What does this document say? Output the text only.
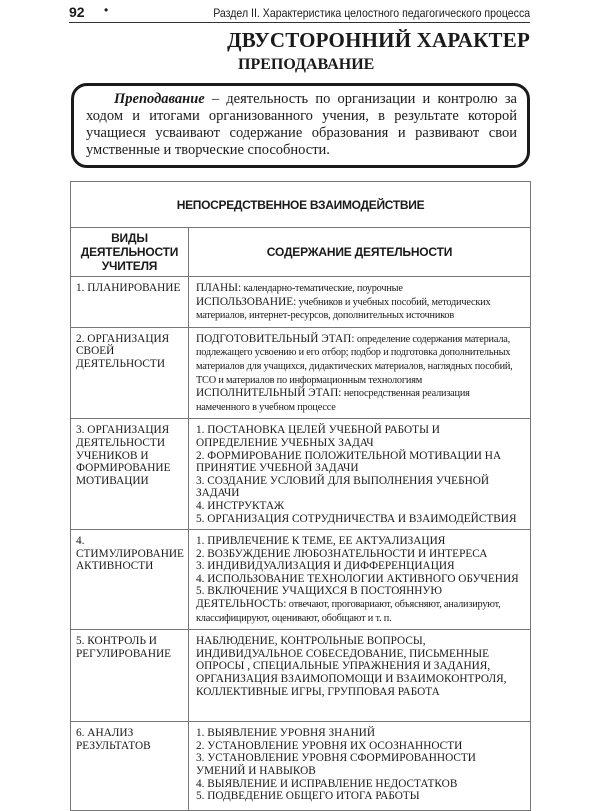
92 •	Раздел II. Характеристика целостного педагогического процесса
ДВУСТОРОННИЙ ХАРАКТЕР
ПРЕПОДАВАНИЕ
Преподавание – деятельность по организации и контролю за ходом и итогами организованного учения, в результате которой учащиеся усваивают содержание образования и развивают свои умственные и творческие способности.
НЕПОСРЕДСТВЕННОЕ ВЗАИМОДЕЙСТВИЕ	
ВИДЫ ДЕЯТЕЛЬНОСТИ УЧИТЕЛЯ	СОДЕРЖАНИЕ ДЕЯТЕЛЬНОСТИ
1. ПЛАНИРОВАНИЕ	ПЛАНЫ: календарно-тематические, поурочные
ИСПОЛЬЗОВАНИЕ: учебников и учебных пособий, методических материалов, интернет-ресурсов, дополнительных источников

2. ОРГАНИЗАЦИЯ СВОЕЙ ДЕЯТЕЛЬНОСТИ	ПОДГОТОВИТЕЛЬНЫЙ ЭТАП: определение содержания материала, подлежащего усвоению и его отбор; подбор и подготовка дополнительных материалов для учащихся, дидактических материалов, наглядных пособий, ТСО и материалов по информационным технологиям
ИСПОЛНИТЕЛЬНЫЙ ЭТАП: непосредственная реализация намеченного в учебном процессе

3. ОРГАНИЗАЦИЯ ДЕЯТЕЛЬНОСТИ УЧЕНИКОВ И ФОРМИРОВАНИЕ МОТИВАЦИИ	1. ПОСТАНОВКА ЦЕЛЕЙ УЧЕБНОЙ РАБОТЫ И ОПРЕДЕЛЕНИЕ УЧЕБНЫХ ЗАДАЧ
2. ФОРМИРОВАНИЕ ПОЛОЖИТЕЛЬНОЙ МОТИВАЦИИ НА ПРИНЯТИЕ УЧЕБНОЙ ЗАДАЧИ
3. СОЗДАНИЕ УСЛОВИЙ ДЛЯ ВЫПОЛНЕНИЯ УЧЕБНОЙ ЗАДАЧИ
4. ИНСТРУКТАЖ
5. ОРГАНИЗАЦИЯ СОТРУДНИЧЕСТВА И ВЗАИМОДЕЙСТВИЯ

4. СТИМУЛИРОВАНИЕ АКТИВНОСТИ	1. ПРИВЛЕЧЕНИЕ К ТЕМЕ, ЕЕ АКТУАЛИЗАЦИЯ
2. ВОЗБУЖДЕНИЕ ЛЮБОЗНАТЕЛЬНОСТИ И ИНТЕРЕСА
3. ИНДИВИДУАЛИЗАЦИЯ И ДИФФЕРЕНЦИАЦИЯ
4. ИСПОЛЬЗОВАНИЕ ТЕХНОЛОГИИ АКТИВНОГО ОБУЧЕНИЯ
5. ВКЛЮЧЕНИЕ УЧАЩИХСЯ В ПОСТОЯННУЮ ДЕЯТЕЛЬНОСТЬ: отвечают, проговариают, объясняют, анализируют, классифицируют, оценивают, обобщают и т. п.

5. КОНТРОЛЬ И РЕГУЛИРОВАНИЕ	НАБЛЮДЕНИЕ, КОНТРОЛЬНЫЕ ВОПРОСЫ, ИНДИВИДУАЛЬНОЕ СОБЕСЕДОВАНИЕ, ПИСЬМЕННЫЕ ОПРОСЫ , СПЕЦИАЛЬНЫЕ УПРАЖНЕНИЯ И ЗАДАНИЯ, ОРГАНИЗАЦИЯ ВЗАИМОПОМОЩИ И ВЗАИМОКОНТРОЛЯ, КОЛЛЕКТИВНЫЕ ИГРЫ, ГРУППОВАЯ РАБОТА

6. АНАЛИЗ РЕЗУЛЬТАТОВ	1. ВЫЯВЛЕНИЕ УРОВНЯ ЗНАНИЙ
2. УСТАНОВЛЕНИЕ УРОВНЯ ИХ ОСОЗНАННОСТИ
3. УСТАНОВЛЕНИЕ УРОВНЯ СФОРМИРОВАННОСТИ УМЕНИЙ И НАВЫКОВ
4. ВЫЯВЛЕНИЕ И ИСПРАВЛЕНИЕ НЕДОСТАТКОВ
5. ПОДВЕДЕНИЕ ОБЩЕГО ИТОГА РАБОТЫ
